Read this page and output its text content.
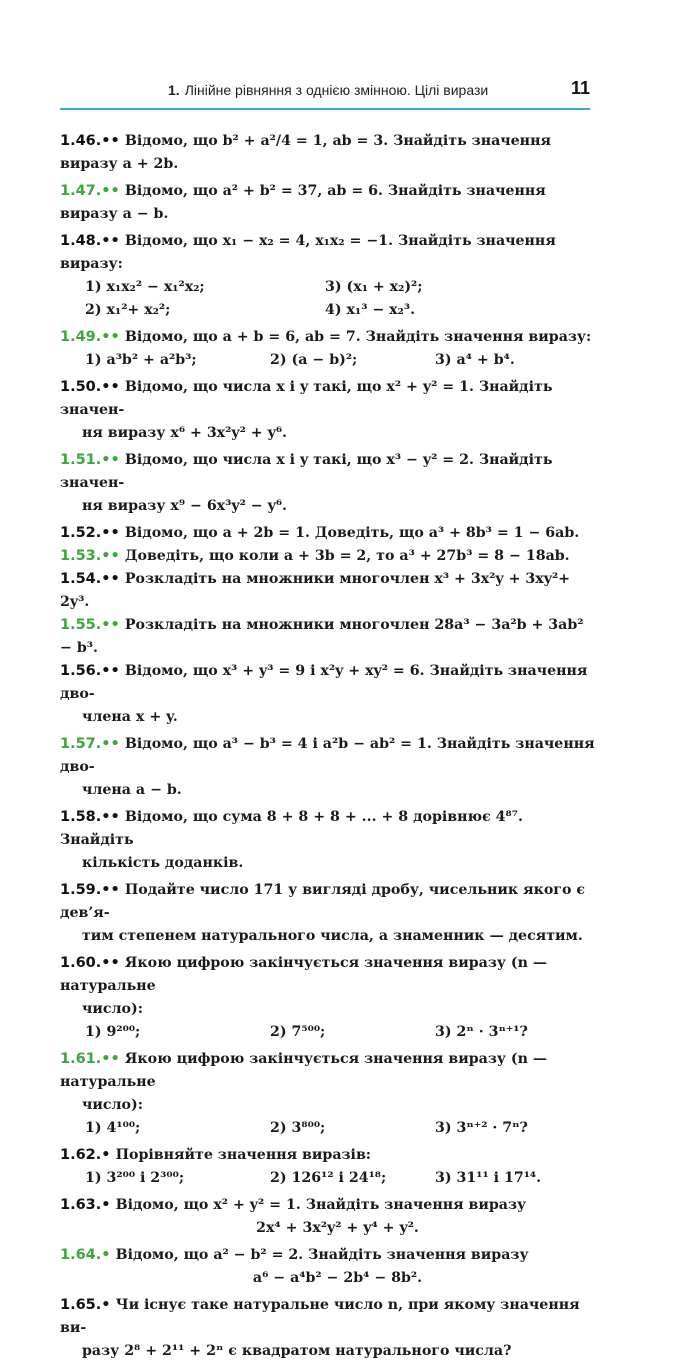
1. Лінійне рівняння з однією змінною. Цілі вирази	11

1.46.•• Відомо, що b² + a²/4 = 1, ab = 3. Знайдіть значення виразу a + 2b.

1.47.•• Відомо, що a² + b² = 37, ab = 6. Знайдіть значення виразу a − b.

1.48.•• Відомо, що x₁ − x₂ = 4, x₁x₂ = −1. Знайдіть значення виразу:
1) x₁x₂² − x₁²x₂;	3) (x₁ + x₂)²;
2) x₁²+ x₂²;	4) x₁³ − x₂³.
1.49.•• Відомо, що a + b = 6, ab = 7. Знайдіть значення виразу:
1) a³b² + a²b³;	2) (a − b)²;	3) a⁴ + b⁴.
1.50.•• Відомо, що числа x і y такі, що x² + y² = 1. Знайдіть значен-
ня виразу x⁶ + 3x²y² + y⁶.
1.51.•• Відомо, що числа x і y такі, що x³ − y² = 2. Знайдіть значен-
ня виразу x⁹ − 6x³y² − y⁶.

1.52.•• Відомо, що a + 2b = 1. Доведіть, що a³ + 8b³ = 1 − 6ab.

1.53.•• Доведіть, що коли a + 3b = 2, то a³ + 27b³ = 8 − 18ab.

1.54.•• Розкладіть на множники многочлен x³ + 3x²y + 3xy²+ 2y³.

1.55.•• Розкладіть на множники многочлен 28a³ − 3a²b + 3ab² − b³.

1.56.•• Відомо, що x³ + y³ = 9 і x²y + xy² = 6. Знайдіть значення дво-
члена x + y.
1.57.•• Відомо, що a³ − b³ = 4 і a²b − ab² = 1. Знайдіть значення дво-
члена a − b.
1.58.•• Відомо, що сума 8 + 8 + 8 + ... + 8 дорівнює 4⁸⁷. Знайдіть
кількість доданків.
1.59.•• Подайте число 171 у вигляді дробу, чисельник якого є дев’я-
тим степенем натурального числа, а знаменник — десятим.
1.60.•• Якою цифрою закінчується значення виразу (n — натуральне
число):
1) 9²⁰⁰;	2) 7⁵⁰⁰;	3) 2ⁿ · 3ⁿ⁺¹?
1.61.•• Якою цифрою закінчується значення виразу (n — натуральне
число):
1) 4¹⁰⁰;	2) 3⁸⁰⁰;	3) 3ⁿ⁺² · 7ⁿ?
1.62.• Порівняйте значення виразів:
1) 3²⁰⁰ і 2³⁰⁰;	2) 126¹² і 24¹⁸;	3) 31¹¹ і 17¹⁴.
1.63.• Відомо, що x² + y² = 1. Знайдіть значення виразу
2x⁴ + 3x²y² + y⁴ + y².
1.64.• Відомо, що a² − b² = 2. Знайдіть значення виразу
a⁶ − a⁴b² − 2b⁴ − 8b².
1.65.• Чи існує таке натуральне число n, при якому значення ви-
разу 2⁸ + 2¹¹ + 2ⁿ є квадратом натурального числа?
